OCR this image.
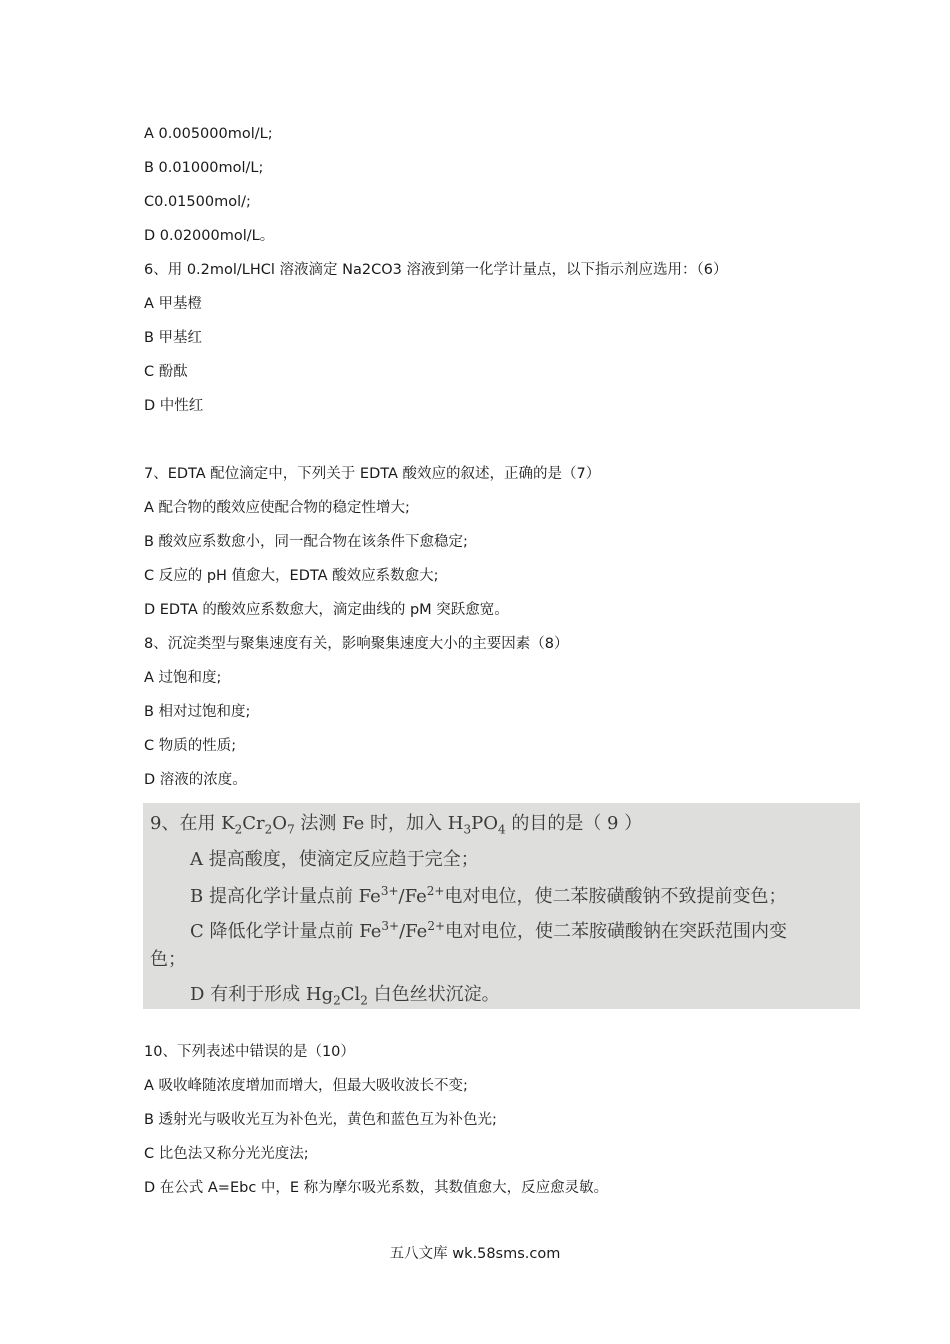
A 0.005000mol/L;
B 0.01000mol/L;
C0.01500mol/;
D 0.02000mol/L。
6、用 0.2mol/LHCl 溶液滴定 Na2CO3 溶液到第一化学计量点，以下指示剂应选用：（6）
A 甲基橙
B 甲基红
C 酚酞
D 中性红
7、EDTA 配位滴定中，下列关于 EDTA 酸效应的叙述，正确的是（7）
A 配合物的酸效应使配合物的稳定性增大;
B 酸效应系数愈小，同一配合物在该条件下愈稳定;
C 反应的 pH 值愈大，EDTA 酸效应系数愈大;
D EDTA 的酸效应系数愈大，滴定曲线的 pM 突跃愈宽。
8、沉淀类型与聚集速度有关，影响聚集速度大小的主要因素（8）
A 过饱和度;
B 相对过饱和度;
C 物质的性质;
D 溶液的浓度。
9、在用 $K_2Cr_2O_7$ 法测 Fe 时，加入 $H_3PO_4$ 的目的是（ 9 ）
A 提高酸度，使滴定反应趋于完全；
B 提高化学计量点前 $Fe^{3+}/Fe^{2+}$电对电位，使二苯胺磺酸钠不致提前变色；
C 降低化学计量点前 $Fe^{3+}/Fe^{2+}$电对电位，使二苯胺磺酸钠在突跃范围内变
色；
D 有利于形成 $Hg_2Cl_2$ 白色丝状沉淀。
10、下列表述中错误的是（10）
A 吸收峰随浓度增加而增大，但最大吸收波长不变;
B 透射光与吸收光互为补色光，黄色和蓝色互为补色光;
C 比色法又称分光光度法;
D 在公式 A=Ebc 中，E 称为摩尔吸光系数，其数值愈大，反应愈灵敏。
五八文库 wk.58sms.com
